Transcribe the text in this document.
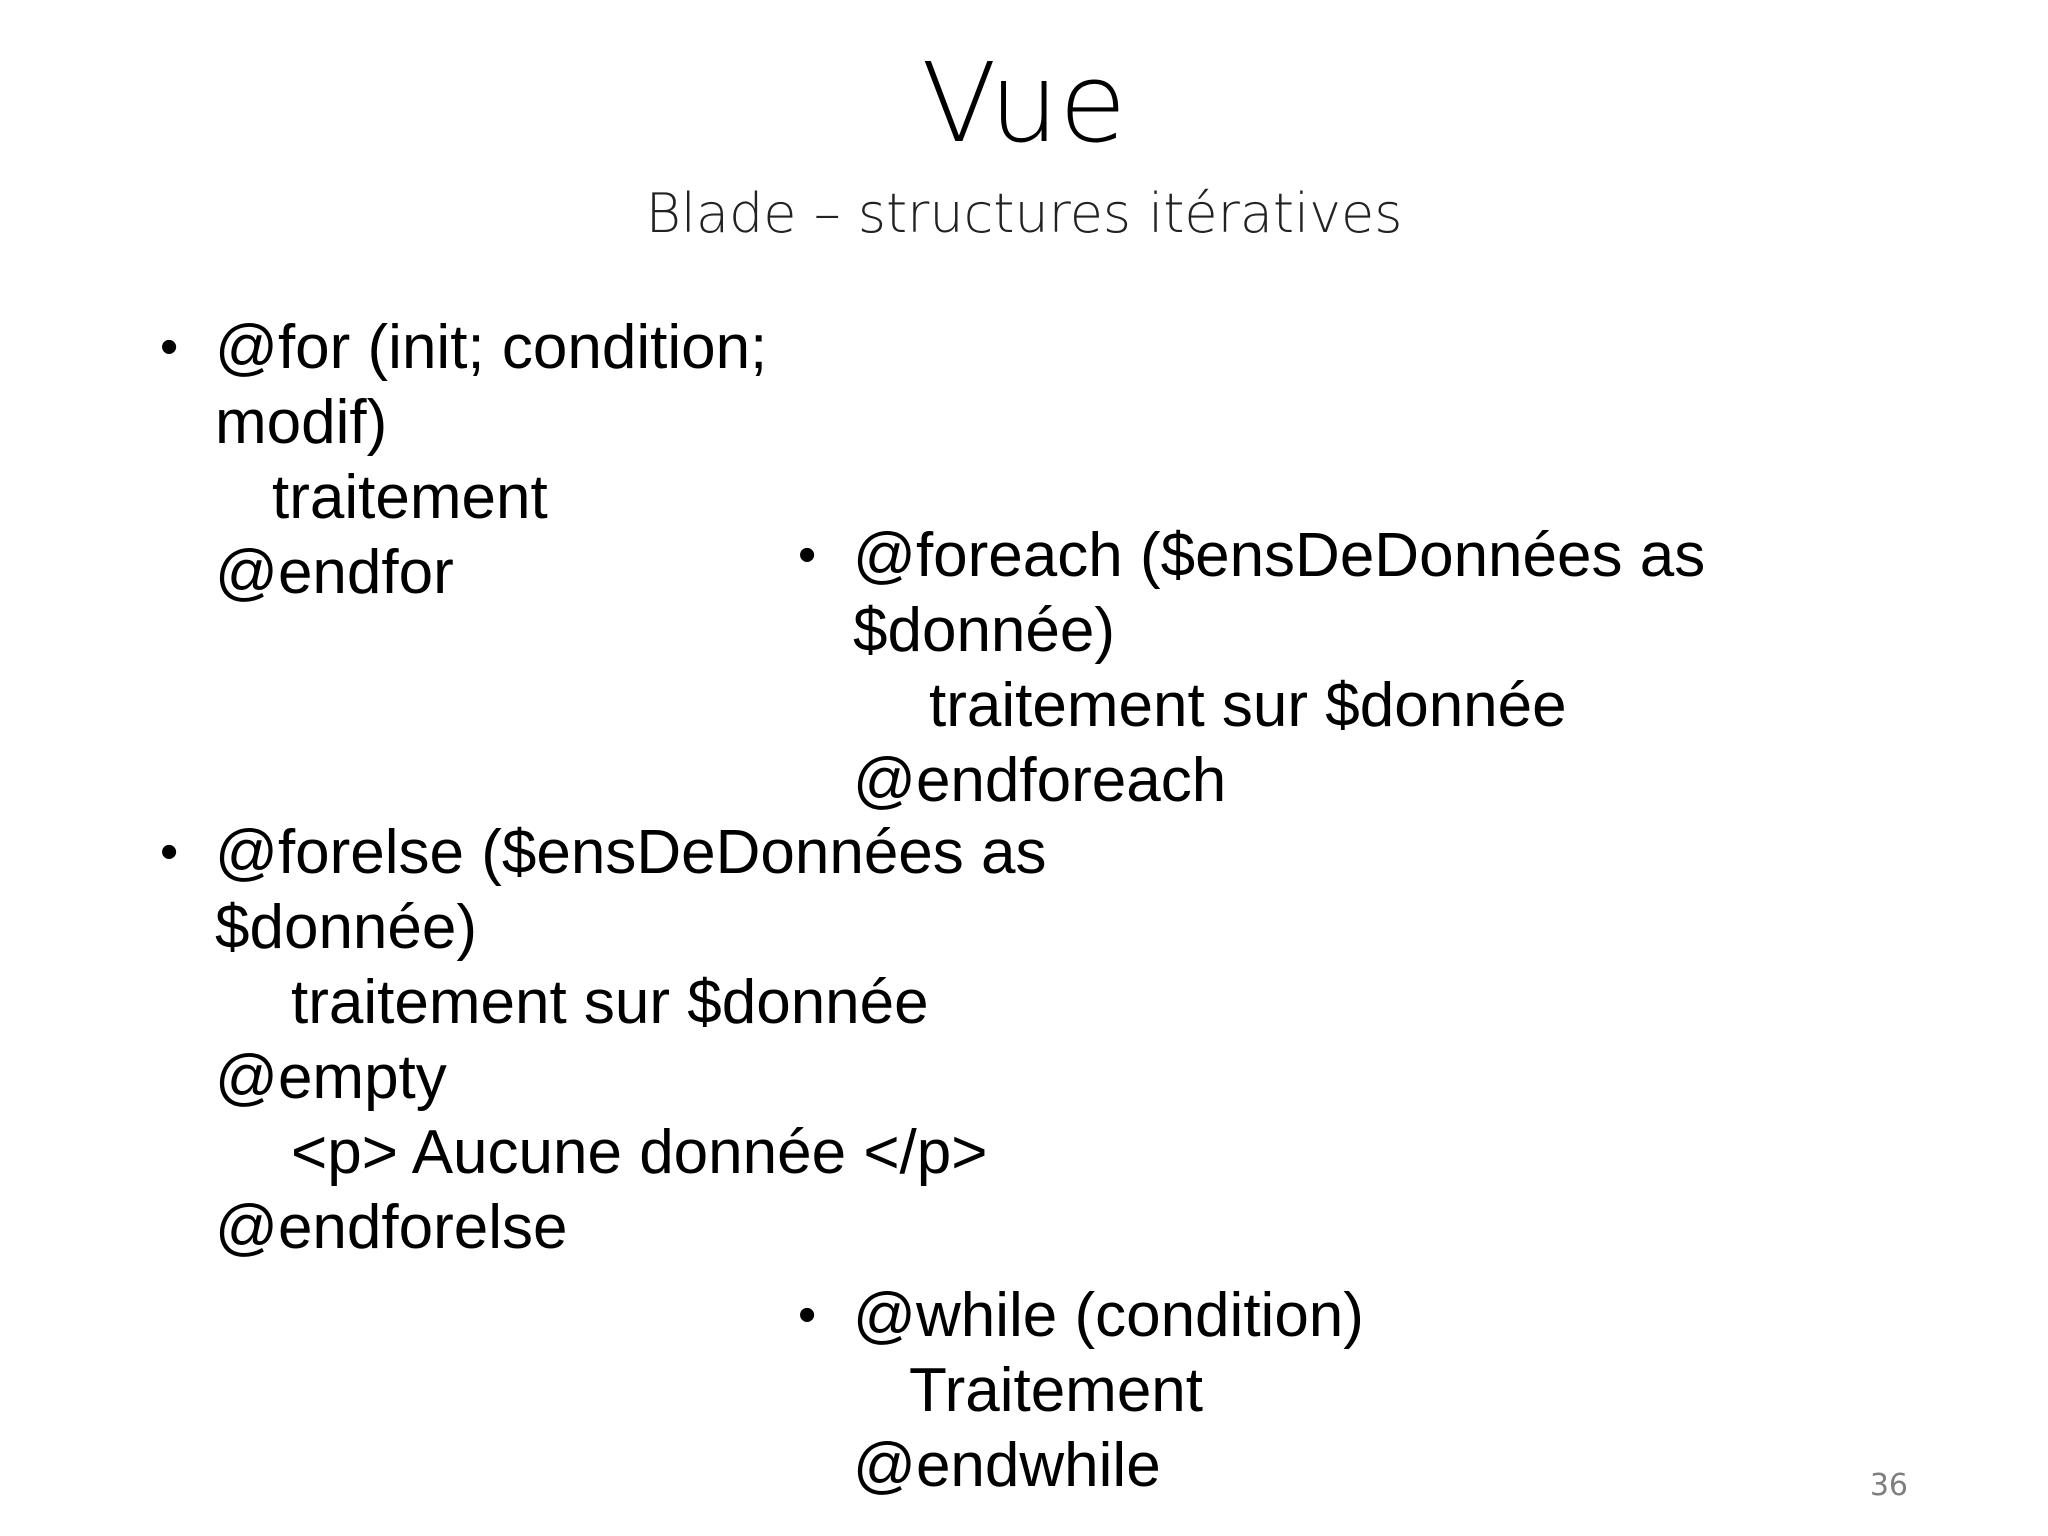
Vue
Blade – structures itératives
• @for (init; condition;
modif)
traitement
@endfor	• @foreach ($ensDeDonnées as
$donnée)
traitement sur $donnée
@endforeach
• @forelse ($ensDeDonnées as
$donnée)
traitement sur $donnée
@empty
<p> Aucune donnée </p>
@endforelse
• @while (condition)
Traitement
@endwhile	36
